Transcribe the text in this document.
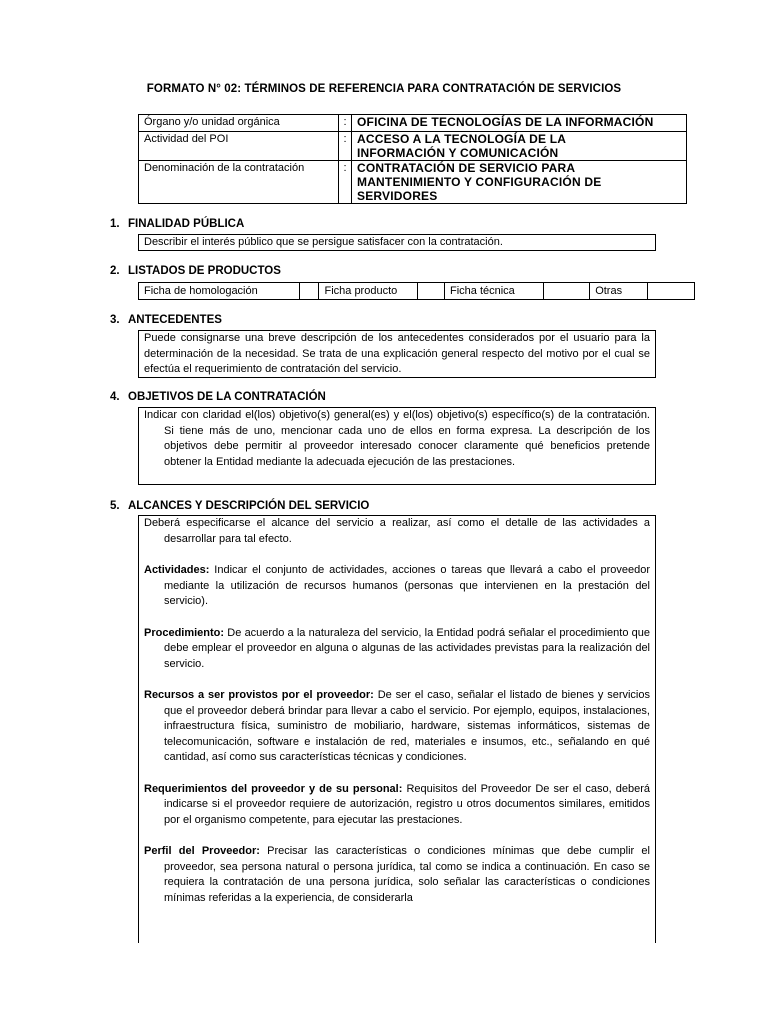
FORMATO N° 02: TÉRMINOS DE REFERENCIA PARA CONTRATACIÓN DE SERVICIOS
Órgano y/o unidad orgánica	:	OFICINA DE TECNOLOGÍAS DE LA INFORMACIÓN
Actividad del POI	:	ACCESO A LA TECNOLOGÍA DE LA INFORMACIÓN Y COMUNICACIÓN
Denominación de la contratación	:	CONTRATACIÓN DE SERVICIO PARA MANTENIMIENTO Y CONFIGURACIÓN DE SERVIDORES
1. FINALIDAD PÚBLICA
Describir el interés público que se persigue satisfacer con la contratación.
2. LISTADOS DE PRODUCTOS
Ficha de homologación		Ficha producto		Ficha técnica		Otras	
3. ANTECEDENTES

Puede consignarse una breve descripción de los antecedentes considerados por el usuario para la determinación de la necesidad. Se trata de una explicación general respecto del motivo por el cual se efectúa el requerimiento de contratación del servicio.

4. OBJETIVOS DE LA CONTRATACIÓN

Indicar con claridad el(los) objetivo(s) general(es) y el(los) objetivo(s) específico(s) de la contratación. Si tiene más de uno, mencionar cada uno de ellos en forma expresa. La descripción de los objetivos debe permitir al proveedor interesado conocer claramente qué beneficios pretende obtener la Entidad mediante la adecuada ejecución de las prestaciones.

5. ALCANCES Y DESCRIPCIÓN DEL SERVICIO

Deberá especificarse el alcance del servicio a realizar, así como el detalle de las actividades a desarrollar para tal efecto.

Actividades: Indicar el conjunto de actividades, acciones o tareas que llevará a cabo el proveedor mediante la utilización de recursos humanos (personas que intervienen en la prestación del servicio).

Procedimiento: De acuerdo a la naturaleza del servicio, la Entidad podrá señalar el procedimiento que debe emplear el proveedor en alguna o algunas de las actividades previstas para la realización del servicio.

Recursos a ser provistos por el proveedor: De ser el caso, señalar el listado de bienes y servicios que el proveedor deberá brindar para llevar a cabo el servicio. Por ejemplo, equipos, instalaciones, infraestructura física, suministro de mobiliario, hardware, sistemas informáticos, sistemas de telecomunicación, software e instalación de red, materiales e insumos, etc., señalando en qué cantidad, así como sus características técnicas y condiciones.

Requerimientos del proveedor y de su personal: Requisitos del Proveedor De ser el caso, deberá indicarse si el proveedor requiere de autorización, registro u otros documentos similares, emitidos por el organismo competente, para ejecutar las prestaciones.

Perfil del Proveedor: Precisar las características o condiciones mínimas que debe cumplir el proveedor, sea persona natural o persona jurídica, tal como se indica a continuación. En caso se requiera la contratación de una persona jurídica, solo señalar las características o condiciones mínimas referidas a la experiencia, de considerarla
